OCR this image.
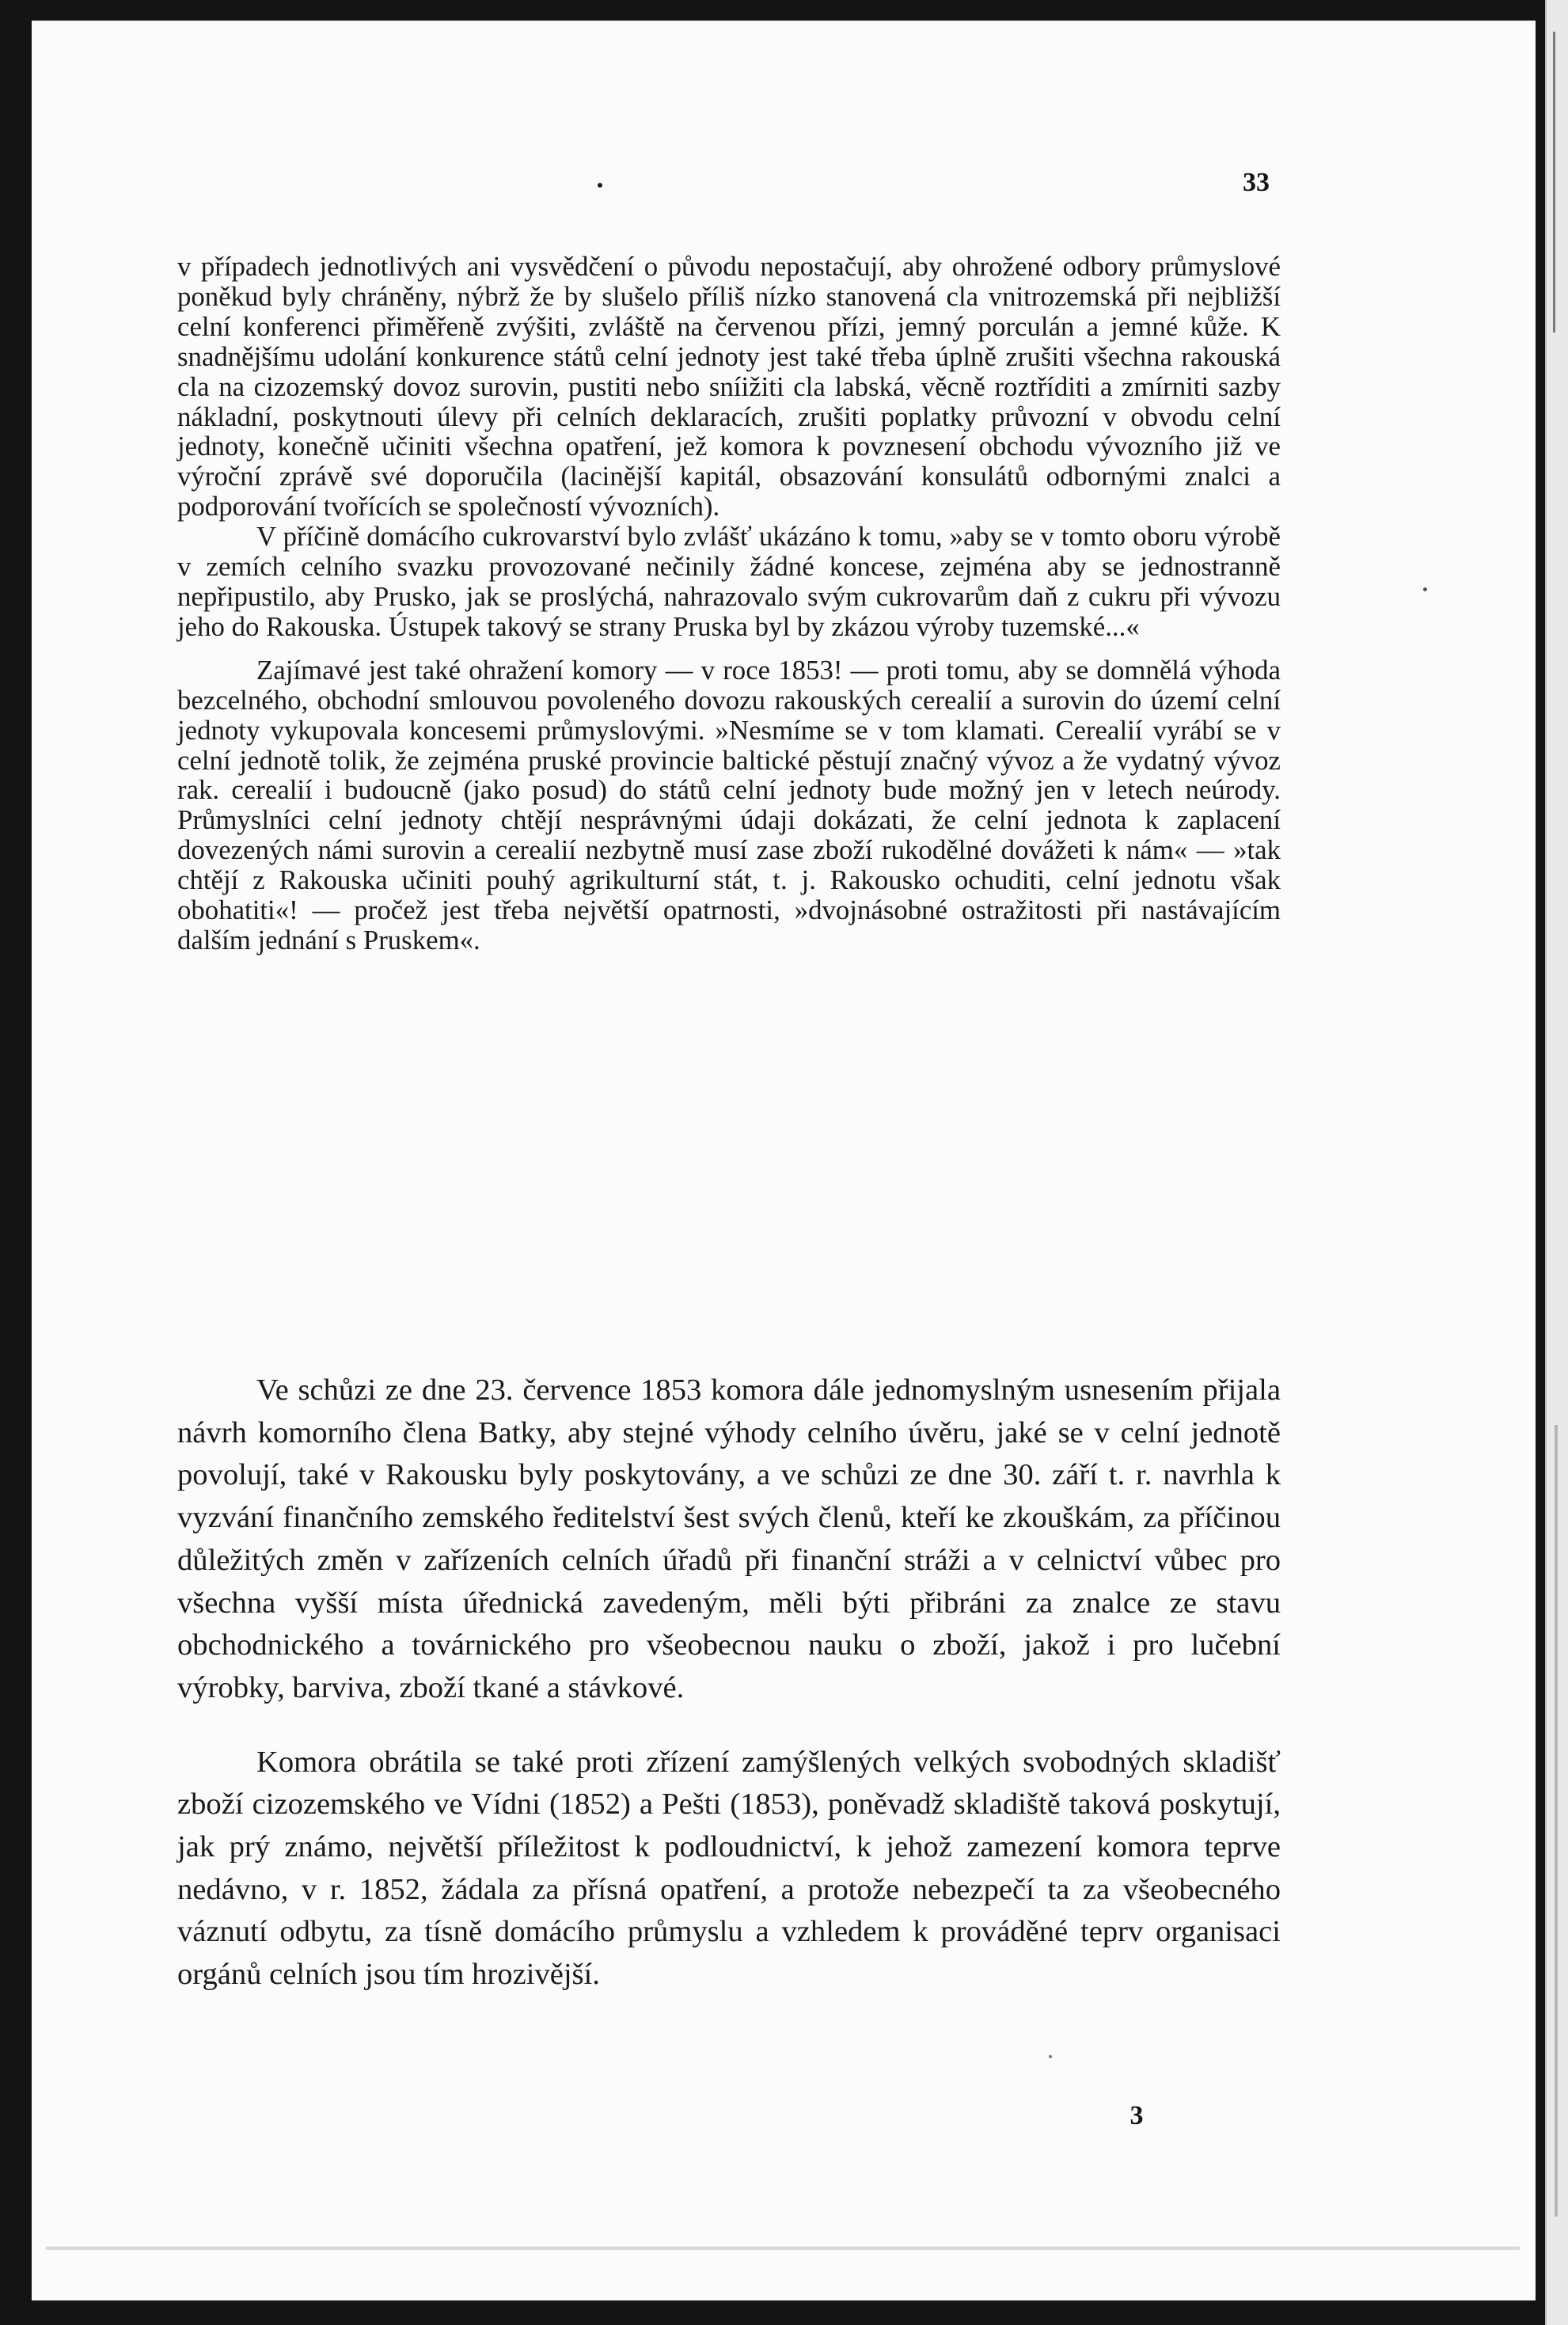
33

v případech jednotlivých ani vysvědčení o původu nepostačují, aby ohrožené odbory průmyslové poněkud byly chráněny, nýbrž že by slušelo příliš nízko stanovená cla vnitrozemská při nejbližší celní konferenci přiměřeně zvýšiti, zvláště na červenou přízi, jemný porculán a jemné kůže. K snadnějšímu udolání konkurence států celní jednoty jest také třeba úplně zrušiti všechna rakouská cla na cizozemský dovoz surovin, pustiti nebo sníižiti cla labská, věcně roztříditi a zmírniti sazby nákladní, poskytnouti úlevy při celních deklaracích, zrušiti poplatky průvozní v obvodu celní jednoty, konečně učiniti všechna opatření, jež komora k povznesení obchodu vývozního již ve výroční zprávě své doporučila (lacinější kapitál, obsazování konsulátů odbornými znalci a podporování tvořících se společností vývozních).

V příčině domácího cukrovarství bylo zvlášť ukázáno k tomu, »aby se v tomto oboru výrobě v zemích celního svazku provozované nečinily žádné koncese, zejména aby se jednostranně nepřipustilo, aby Prusko, jak se proslýchá, nahrazovalo svým cukrovarům daň z cukru při vývozu jeho do Rakouska. Ústupek takový se strany Pruska byl by zkázou výroby tuzemské...«

Zajímavé jest také ohražení komory — v roce 1853! — proti tomu, aby se domnělá výhoda bezcelného, obchodní smlouvou povoleného dovozu rakouských cerealií a surovin do území celní jednoty vykupovala koncesemi průmyslovými. »Nesmíme se v tom klamati. Cerealií vyrábí se v celní jednotě tolik, že zejména pruské provincie baltické pěstují značný vývoz a že vydatný vývoz rak. cerealií i budoucně (jako posud) do států celní jednoty bude možný jen v letech neúrody. Průmyslníci celní jednoty chtějí nesprávnými údaji dokázati, že celní jednota k zaplacení dovezených námi surovin a cerealií nezbytně musí zase zboží rukodělné dovážeti k nám« — »tak chtějí z Rakouska učiniti pouhý agrikulturní stát, t. j. Rakousko ochuditi, celní jednotu však obohatiti«! — pročež jest třeba největší opatrnosti, »dvojnásobné ostražitosti při nastávajícím dalším jednání s Pruskem«.

Ve schůzi ze dne 23. července 1853 komora dále jednomyslným usnesením přijala návrh komorního člena Batky, aby stejné výhody celního úvěru, jaké se v celní jednotě povolují, také v Rakousku byly poskytovány, a ve schůzi ze dne 30. září t. r. navrhla k vyzvání finančního zemského ředitelství šest svých členů, kteří ke zkouškám, za příčinou důležitých změn v zařízeních celních úřadů při finanční stráži a v celnictví vůbec pro všechna vyšší místa úřednická zavedeným, měli býti přibráni za znalce ze stavu obchodnického a továrnického pro všeobecnou nauku o zboží, jakož i pro lučební výrobky, barviva, zboží tkané a stávkové.

Komora obrátila se také proti zřízení zamýšlených velkých svobodných skladišť zboží cizozemského ve Vídni (1852) a Pešti (1853), poněvadž skladiště taková poskytují, jak prý známo, největší příležitost k podloudnictví, k jehož zamezení komora teprve nedávno, v r. 1852, žádala za přísná opatření, a protože nebezpečí ta za všeobecného váznutí odbytu, za tísně domácího průmyslu a vzhledem k prováděné teprv organisaci orgánů celních jsou tím hrozivější.

3
